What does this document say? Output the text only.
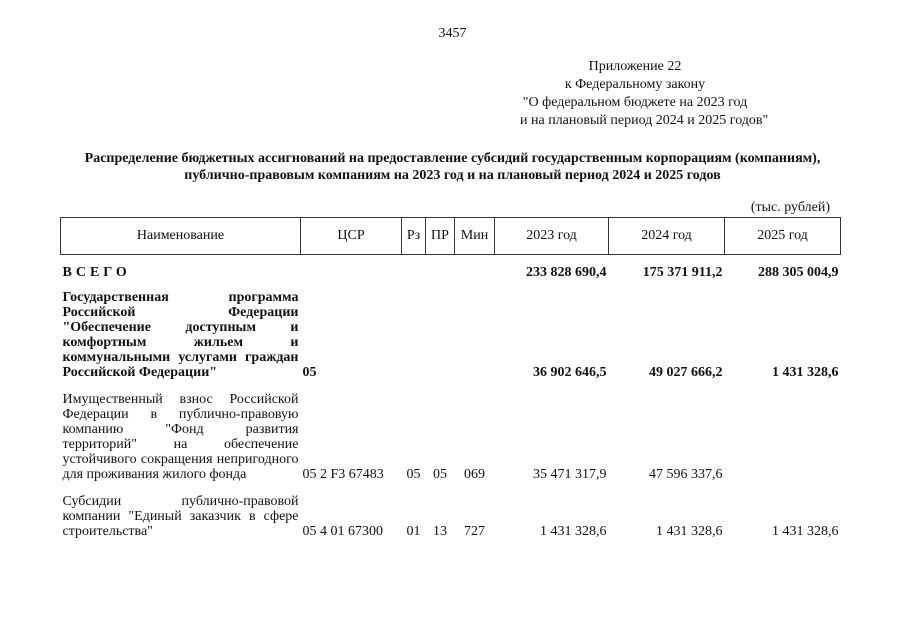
3457
Приложение 22
к Федеральному закону
"О федеральном бюджете на 2023 год
и на плановый период 2024 и 2025 годов"
Распределение бюджетных ассигнований на предоставление субсидий государственным корпорациям (компаниям), публично-правовым компаниям на 2023 год и на плановый период 2024 и 2025 годов
(тыс. рублей)
Наименование	ЦСР	Рз	ПР	Мин	2023 год	2024 год	2025 год
ВСЕГО					233 828 690,4	175 371 911,2	288 305 004,9
Государственная программа Российской Федерации "Обеспечение доступным и комфортным жильем и коммунальными услугами граждан Российской Федерации"	05				36 902 646,5	49 027 666,2	1 431 328,6
Имущественный взнос Российской Федерации в публично-правовую компанию "Фонд развития территорий" на обеспечение устойчивого сокращения непригодного для проживания жилого фонда	05 2 F3 67483	05	05	069	35 471 317,9	47 596 337,6	
Субсидии публично-правовой компании "Единый заказчик в сфере строительства"	05 4 01 67300	01	13	727	1 431 328,6	1 431 328,6	1 431 328,6
